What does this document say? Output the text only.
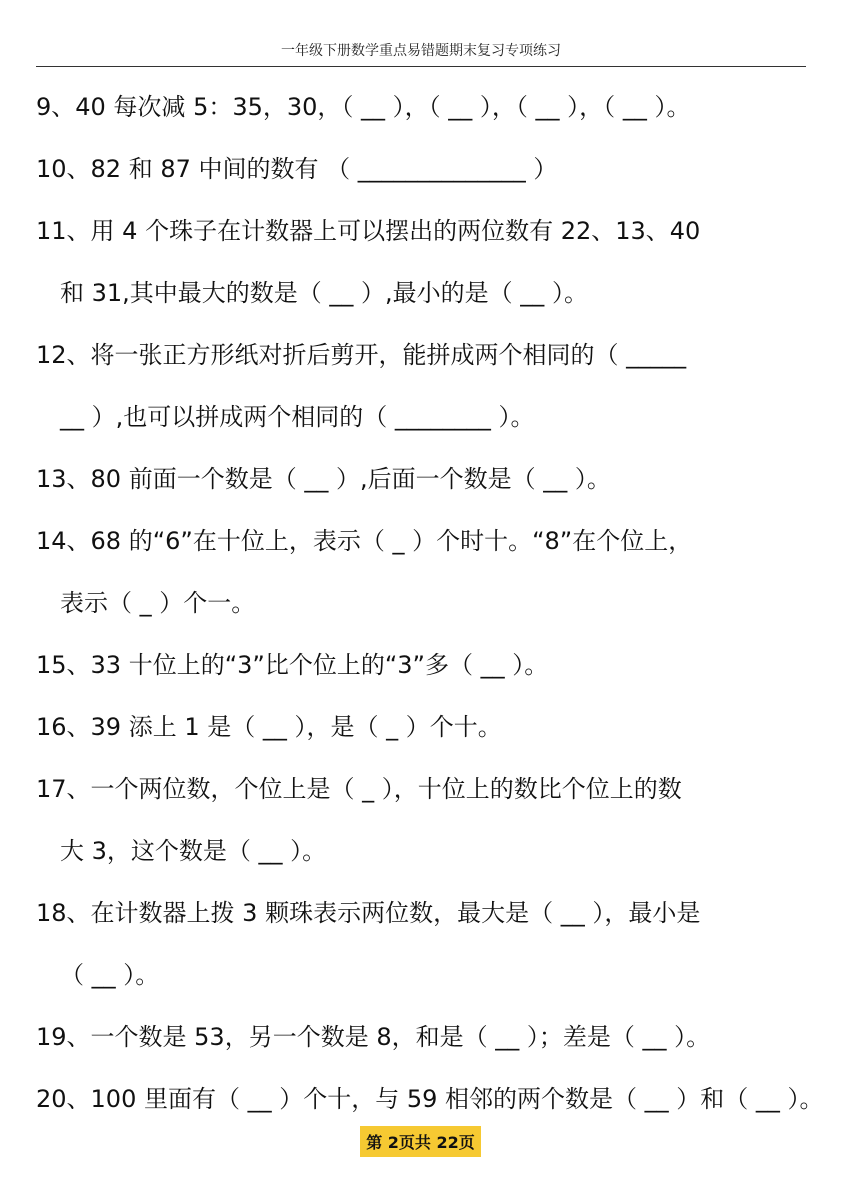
一年级下册数学重点易错题期末复习专项练习
9、40 每次减 5：35，30，（ __ ），（ __ ），（ __ ），（ __ ）。
10、82 和 87 中间的数有 （ ______________ ）
11、用 4 个珠子在计数器上可以摆出的两位数有 22、13、40
和 31,其中最大的数是（ __ ）,最小的是（ __ ）。
12、将一张正方形纸对折后剪开，能拼成两个相同的（ _____
__ ）,也可以拼成两个相同的（ ________ ）。
13、80 前面一个数是（ __ ）,后面一个数是（ __ ）。
14、68 的“6”在十位上，表示（ _ ）个时十。“8”在个位上，
表示（ _ ）个一。
15、33 十位上的“3”比个位上的“3”多（ __ ）。
16、39 添上 1 是（ __ ），是（ _ ）个十。
17、一个两位数，个位上是（ _ ），十位上的数比个位上的数
大 3，这个数是（ __ ）。
18、在计数器上拨 3 颗珠表示两位数，最大是（ __ ），最小是
（ __ ）。
19、一个数是 53，另一个数是 8，和是（ __ ）；差是（ __ ）。
20、100 里面有（ __ ）个十，与 59 相邻的两个数是（ __ ）和（ __ ）。
第 2页共 22页
